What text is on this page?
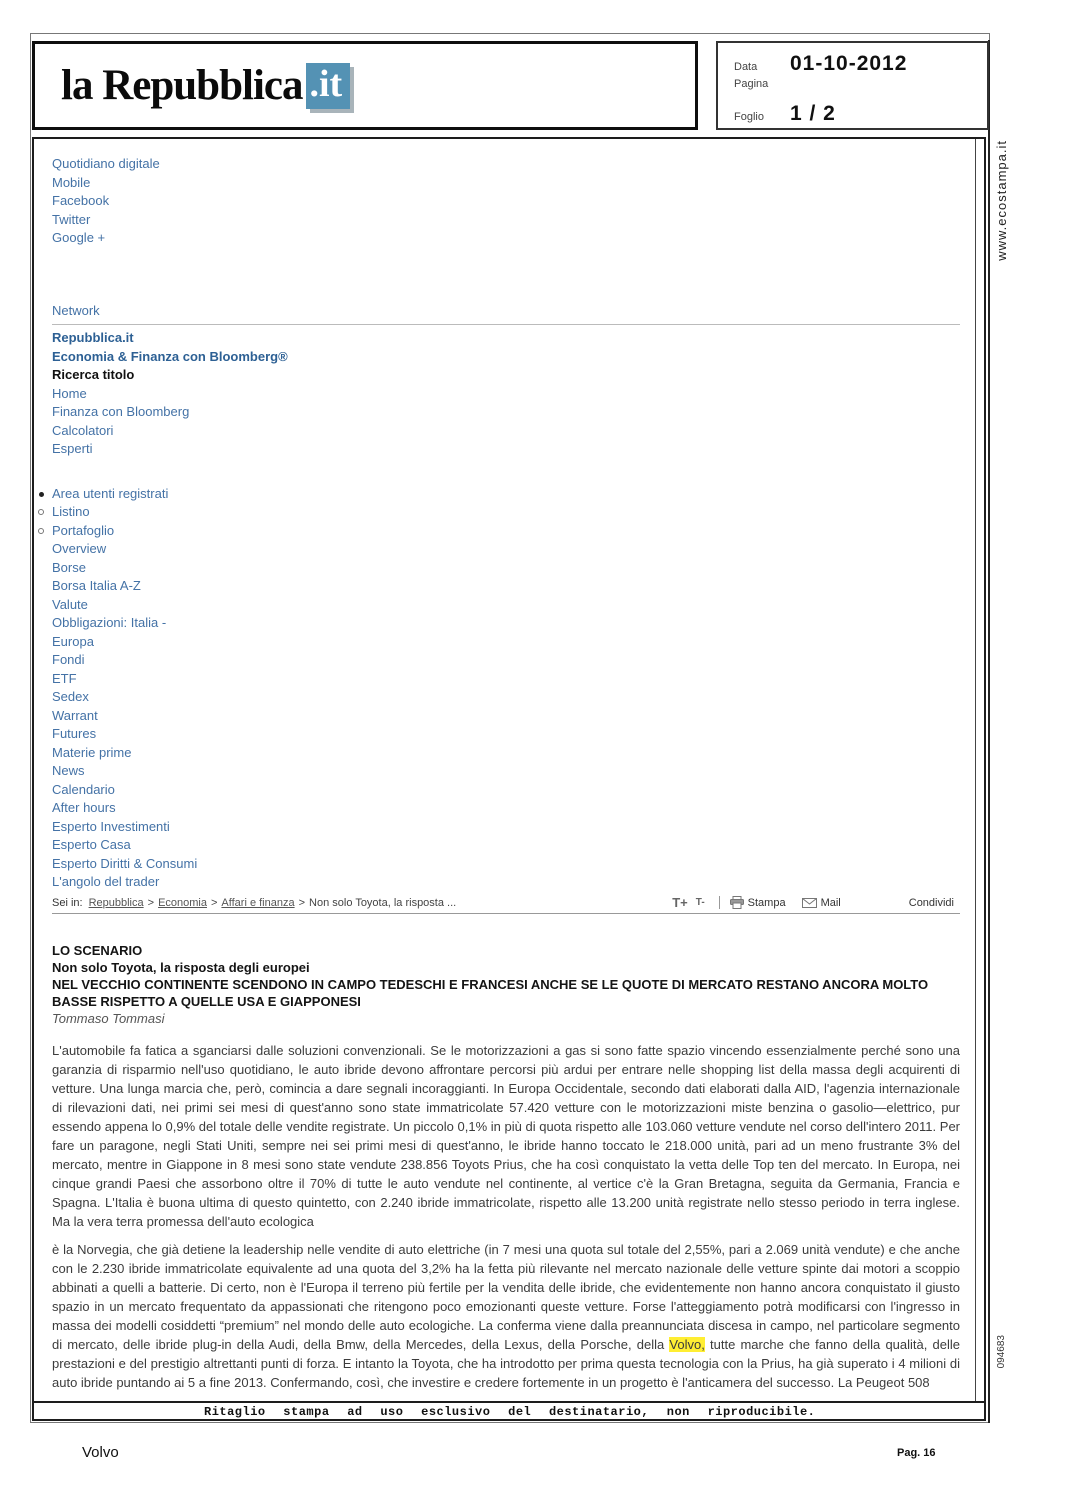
la Repubblica .it	Data	01-10-2012
Pagina
Foglio	1 / 2
www.ecostampa.it
094683
Quotidiano digitale
Mobile
Facebook
Twitter
Google +
Network
Repubblica.it
Economia & Finanza con Bloomberg®
Ricerca titolo
Home
Finanza con Bloomberg
Calcolatori
Esperti
Area utenti registrati
Listino
Portafoglio
Overview
Borse
Borsa Italia A-Z
Valute
Obbligazioni: Italia -
Europa
Fondi
ETF
Sedex
Warrant
Futures
Materie prime
News
Calendario
After hours
Esperto Investimenti
Esperto Casa
Esperto Diritti & Consumi
L'angolo del trader
Sei in: Repubblica > Economia > Affari e finanza > Non solo Toyota, la risposta ...	T+ T-	Stampa	Mail	Condividi
LO SCENARIO
Non solo Toyota, la risposta degli europei
NEL VECCHIO CONTINENTE SCENDONO IN CAMPO TEDESCHI E FRANCESI ANCHE SE LE QUOTE DI MERCATO RESTANO ANCORA MOLTO BASSE RISPETTO A QUELLE USA E GIAPPONESI
Tommaso Tommasi

L'automobile fa fatica a sganciarsi dalle soluzioni convenzionali. Se le motorizzazioni a gas si sono fatte spazio vincendo essenzialmente perché sono una garanzia di risparmio nell'uso quotidiano, le auto ibride devono affrontare percorsi più ardui per entrare nelle shopping list della massa degli acquirenti di vetture. Una lunga marcia che, però, comincia a dare segnali incoraggianti. In Europa Occidentale, secondo dati elaborati dalla AID, l'agenzia internazionale di rilevazioni dati, nei primi sei mesi di quest'anno sono state immatricolate 57.420 vetture con le motorizzazioni miste benzina o gasolio—elettrico, pur essendo appena lo 0,9% del totale delle vendite registrate. Un piccolo 0,1% in più di quota rispetto alle 103.060 vetture vendute nel corso dell'intero 2011. Per fare un paragone, negli Stati Uniti, sempre nei sei primi mesi di quest'anno, le ibride hanno toccato le 218.000 unità, pari ad un meno frustrante 3% del mercato, mentre in Giappone in 8 mesi sono state vendute 238.856 Toyots Prius, che ha così conquistato la vetta delle Top ten del mercato. In Europa, nei cinque grandi Paesi che assorbono oltre il 70% di tutte le auto vendute nel continente, al vertice c'è la Gran Bretagna, seguita da Germania, Francia e Spagna. L'Italia è buona ultima di questo quintetto, con 2.240 ibride immatricolate, rispetto alle 13.200 unità registrate nello stesso periodo in terra inglese. Ma la vera terra promessa dell'auto ecologica

è la Norvegia, che già detiene la leadership nelle vendite di auto elettriche (in 7 mesi una quota sul totale del 2,55%, pari a 2.069 unità vendute) e che anche con le 2.230 ibride immatricolate equivalente ad una quota del 3,2% ha la fetta più rilevante nel mercato nazionale delle vetture spinte dai motori a scoppio abbinati a quelli a batterie. Di certo, non è l'Europa il terreno più fertile per la vendita delle ibride, che evidentemente non hanno ancora conquistato il giusto spazio in un mercato frequentato da appassionati che ritengono poco emozionanti queste vetture. Forse l'atteggiamento potrà modificarsi con l'ingresso in massa dei modelli cosiddetti “premium” nel mondo delle auto ecologiche. La conferma viene dalla preannunciata discesa in campo, nel particolare segmento di mercato, delle ibride plug-in della Audi, della Bmw, della Mercedes, della Lexus, della Porsche, della Volvo, tutte marche che fanno della qualità, delle prestazioni e del prestigio altrettanti punti di forza. E intanto la Toyota, che ha introdotto per prima questa tecnologia con la Prius, ha già superato i 4 milioni di auto ibride puntando ai 5 a fine 2013. Confermando, così, che investire e credere fortemente in un progetto è l'anticamera del successo. La Peugeot 508

Ritaglio stampa ad uso esclusivo del destinatario, non riproducibile.
Volvo	Pag. 16
